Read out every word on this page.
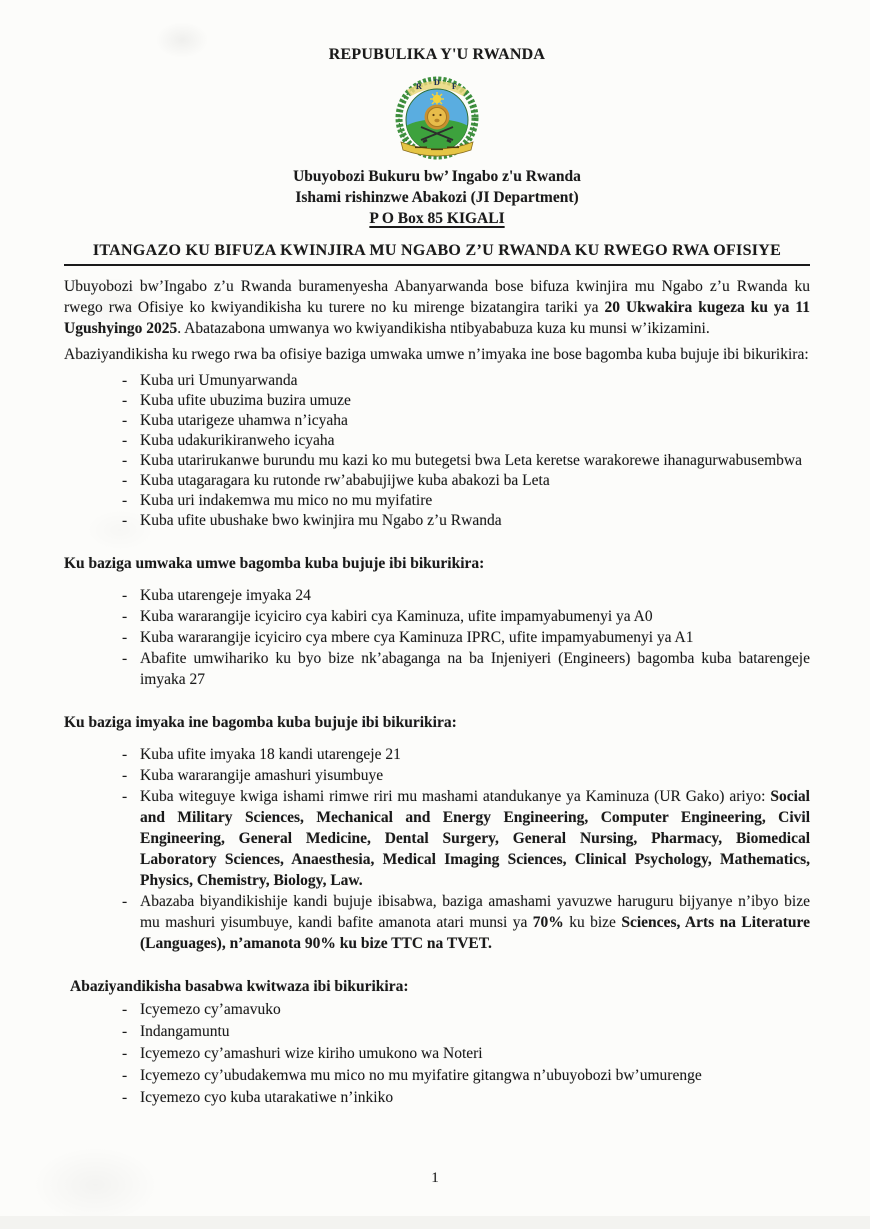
REPUBULIKA Y'U RWANDA
R D F
Ubuyobozi Bukuru bw’ Ingabo z'u Rwanda
Ishami rishinzwe Abakozi (JI Department)
P O Box 85 KIGALI
ITANGAZO KU BIFUZA KWINJIRA MU NGABO Z’U RWANDA KU RWEGO RWA OFISIYE

Ubuyobozi bw’Ingabo z’u Rwanda buramenyesha Abanyarwanda bose bifuza kwinjira mu Ngabo z’u Rwanda ku rwego rwa Ofisiye ko kwiyandikisha ku turere no ku mirenge bizatangira tariki ya 20 Ukwakira kugeza ku ya 11 Ugushyingo 2025. Abatazabona umwanya wo kwiyandikisha ntibyababuza kuza ku munsi w’ikizamini.

Abaziyandikisha ku rwego rwa ba ofisiye baziga umwaka umwe n’imyaka ine bose bagomba kuba bujuje ibi bikurikira:

- Kuba uri Umunyarwanda
- Kuba ufite ubuzima buzira umuze
- Kuba utarigeze uhamwa n’icyaha
- Kuba udakurikiranweho icyaha
- Kuba utarirukanwe burundu mu kazi ko mu butegetsi bwa Leta keretse warakorewe ihanagurwabusembwa
- Kuba utagaragara ku rutonde rw’ababujijwe kuba abakozi ba Leta
- Kuba uri indakemwa mu mico no mu myifatire
- Kuba ufite ubushake bwo kwinjira mu Ngabo z’u Rwanda
Ku baziga umwaka umwe bagomba kuba bujuje ibi bikurikira:
- Kuba utarengeje imyaka 24
- Kuba wararangije icyiciro cya kabiri cya Kaminuza, ufite impamyabumenyi ya A0
- Kuba wararangije icyiciro cya mbere cya Kaminuza IPRC, ufite impamyabumenyi ya A1
- Abafite umwihariko ku byo bize nk’abaganga na ba Injeniyeri (Engineers) bagomba kuba batarengeje imyaka 27
Ku baziga imyaka ine bagomba kuba bujuje ibi bikurikira:
- Kuba ufite imyaka 18 kandi utarengeje 21
- Kuba wararangije amashuri yisumbuye
- Kuba witeguye kwiga ishami rimwe riri mu mashami atandukanye ya Kaminuza (UR Gako) ariyo: Social and Military Sciences, Mechanical and Energy Engineering, Computer Engineering, Civil Engineering, General Medicine, Dental Surgery, General Nursing, Pharmacy, Biomedical Laboratory Sciences, Anaesthesia, Medical Imaging Sciences, Clinical Psychology, Mathematics, Physics, Chemistry, Biology, Law.
- Abazaba biyandikishije kandi bujuje ibisabwa, baziga amashami yavuzwe haruguru bijyanye n’ibyo bize mu mashuri yisumbuye, kandi bafite amanota atari munsi ya 70% ku bize Sciences, Arts na Literature (Languages), n’amanota 90% ku bize TTC na TVET.
Abaziyandikisha basabwa kwitwaza ibi bikurikira:
- Icyemezo cy’amavuko
- Indangamuntu
- Icyemezo cy’amashuri wize kiriho umukono wa Noteri
- Icyemezo cy’ubudakemwa mu mico no mu myifatire gitangwa n’ubuyobozi bw’umurenge
- Icyemezo cyo kuba utarakatiwe n’inkiko
1
